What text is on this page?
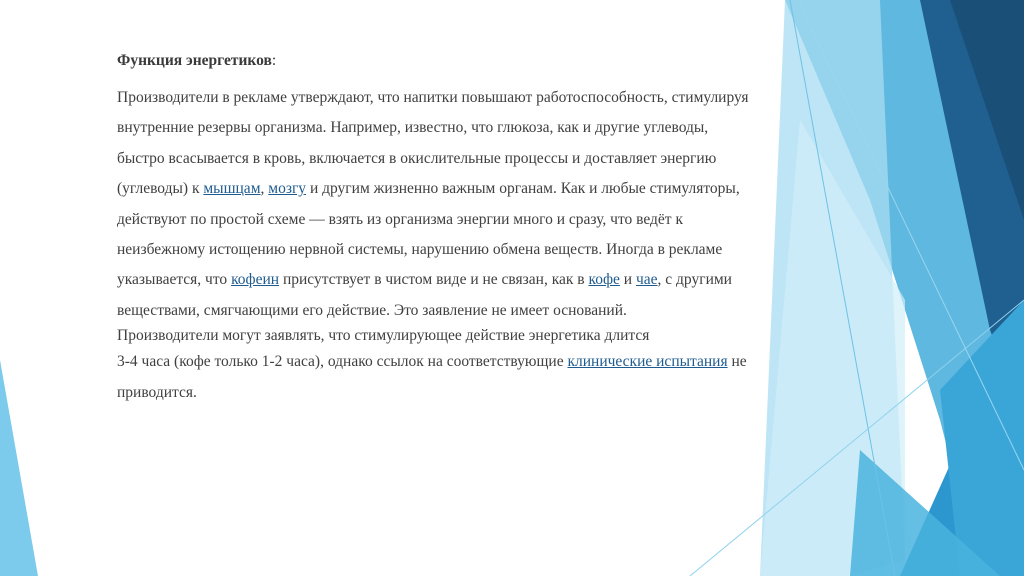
Функция энергетиков:

Производители в рекламе утверждают, что напитки повышают работоспособность, стимулируя внутренние резервы организма. Например, известно, что глюкоза, как и другие углеводы, быстро всасывается в кровь, включается в окислительные процессы и доставляет энергию (углеводы) к мышцам, мозгу и другим жизненно важным органам. Как и любые стимуляторы, действуют по простой схеме — взять из организма энергии много и сразу, что ведёт к неизбежному истощению нервной системы, нарушению обмена веществ. Иногда в рекламе указывается, что кофеин присутствует в чистом виде и не связан, как в кофе и чае, с другими веществами, смягчающими его действие. Это заявление не имеет оснований.

Производители могут заявлять, что стимулирующее действие энергетика длится

3-4 часа (кофе только 1-2 часа), однако ссылок на соответствующие клинические испытания не приводится.
